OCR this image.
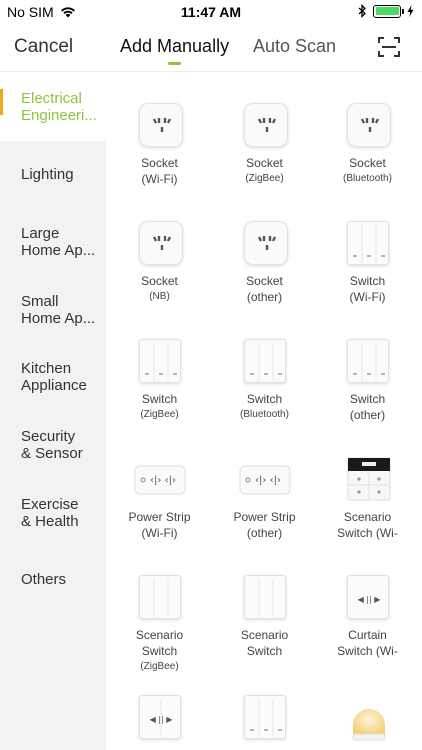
No SIM	11:47 AM
Cancel	Add Manually Auto Scan
Electrical
Engineeri...
Lighting
Large
Home Ap...
Small
Home Ap...
Kitchen
Appliance
Security
& Sensor
Exercise
& Health
Others
Socket
(Wi-Fi)
Socket
(ZigBee)
Socket
(Bluetooth)
Socket
(NB)
Socket
(other)
Switch
(Wi-Fi)
Switch
(ZigBee)
Switch
(Bluetooth)
Switch
(other)
‹|› ‹|›
Power Strip
(Wi-Fi)
‹|› ‹|›
Power Strip
(other)
Scenario
Switch (Wi-
Scenario
Switch
(ZigBee)
Scenario
Switch
◀ || ▶
Curtain
Switch (Wi-
◀ || ▶
